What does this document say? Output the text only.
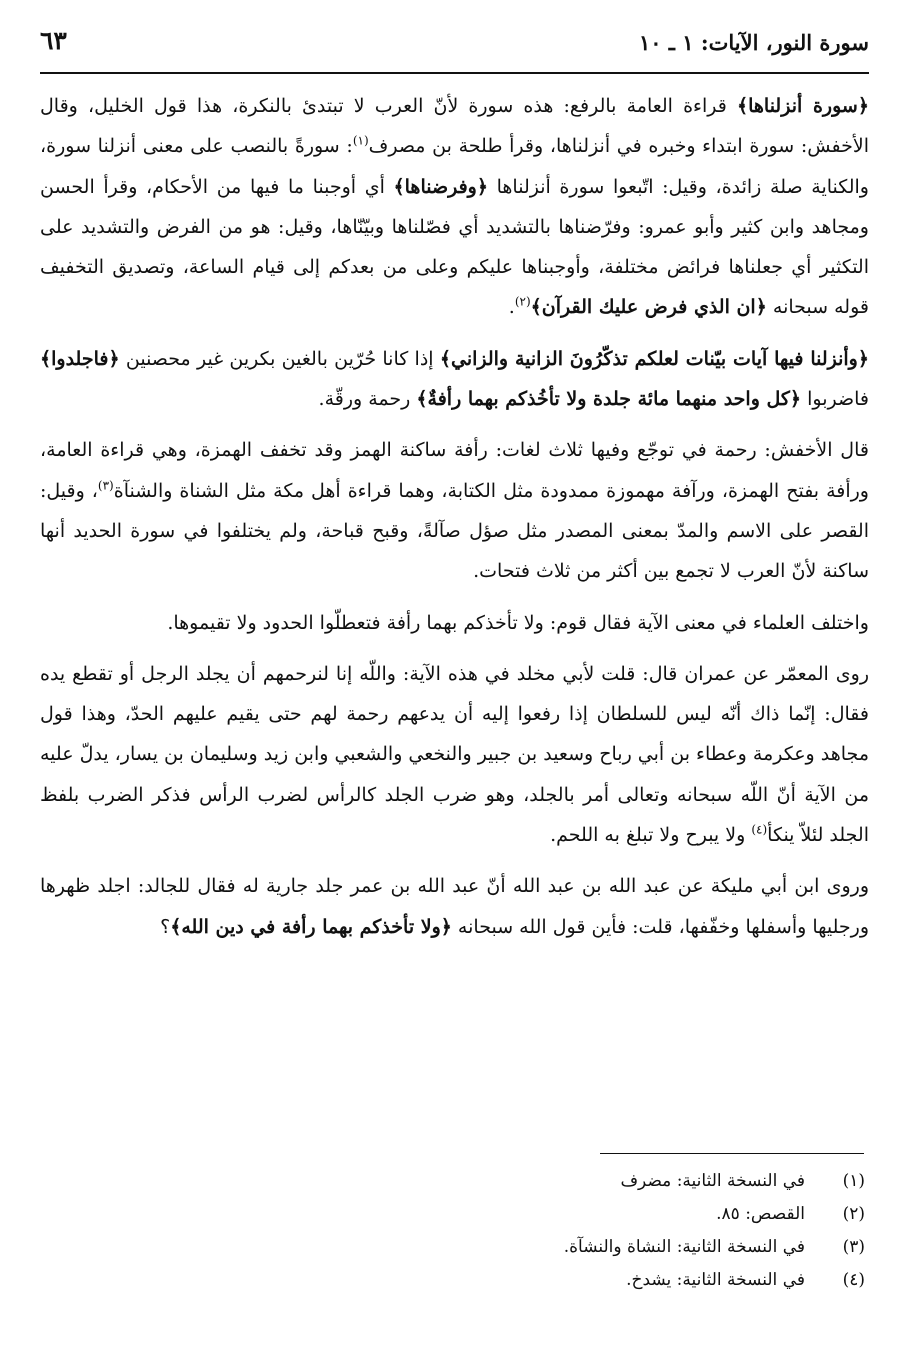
سورة النور، الآيات: ١ ـ ١٠
٦٣

﴿سورة أنزلناها﴾ قراءة العامة بالرفع: هذه سورة لأنّ العرب لا تبتدئ بالنكرة، هذا قول الخليل، وقال الأخفش: سورة ابتداء وخبره في أنزلناها، وقرأ طلحة بن مصرف$^{(١)}$: سورةً بالنصب على معنى أنزلنا سورة، والكناية صلة زائدة، وقيل: اتّبعوا سورة أنزلناها ﴿وفرضناها﴾ أي أوجبنا ما فيها من الأحكام، وقرأ الحسن ومجاهد وابن كثير وأبو عمرو: وفرّضناها بالتشديد أي فصّلناها وبيّنّاها، وقيل: هو من الفرض والتشديد على التكثير أي جعلناها فرائض مختلفة، وأوجبناها عليكم وعلى من بعدكم إلى قيام الساعة، وتصديق التخفيف قوله سبحانه ﴿ان الذي فرض عليك القرآن﴾$^{(٢)}$.

﴿وأنزلنا فيها آيات بيّنات لعلكم تذكّرُونَ الزانية والزاني﴾ إذا كانا حُرّين بالغين بكرين غير محصنين ﴿فاجلدوا﴾ فاضربوا ﴿كل واحد منهما مائة جلدة ولا تأخُذكم بهما رأفةٌ﴾ رحمة ورقّة.

قال الأخفش: رحمة في توجّع وفيها ثلاث لغات: رأفة ساكنة الهمز وقد تخفف الهمزة، وهي قراءة العامة، ورأفة بفتح الهمزة، ورآفة مهموزة ممدودة مثل الكتابة، وهما قراءة أهل مكة مثل الشناة والشنآة$^{(٣)}$، وقيل: القصر على الاسم والمدّ بمعنى المصدر مثل صؤل صآلةً، وقبح قباحة، ولم يختلفوا في سورة الحديد أنها ساكنة لأنّ العرب لا تجمع بين أكثر من ثلاث فتحات.

واختلف العلماء في معنى الآية فقال قوم: ولا تأخذكم بهما رأفة فتعطلّوا الحدود ولا تقيموها.

روى المعمّر عن عمران قال: قلت لأبي مخلد في هذه الآية: واللّه إنا لنرحمهم أن يجلد الرجل أو تقطع يده فقال: إنّما ذاك أنّه ليس للسلطان إذا رفعوا إليه أن يدعهم رحمة لهم حتى يقيم عليهم الحدّ، وهذا قول مجاهد وعكرمة وعطاء بن أبي رباح وسعيد بن جبير والنخعي والشعبي وابن زيد وسليمان بن يسار، يدلّ عليه من الآية أنّ اللّه سبحانه وتعالى أمر بالجلد، وهو ضرب الجلد كالرأس لضرب الرأس فذكر الضرب بلفظ الجلد لئلاّ ينكأ$^{(٤)}$ ولا يبرح ولا تبلغ به اللحم.

وروى ابن أبي مليكة عن عبد الله بن عبد الله أنّ عبد الله بن عمر جلد جارية له فقال للجالد: اجلد ظهرها ورجليها وأسفلها وخفّفها، قلت: فأين قول الله سبحانه ﴿ولا تأخذكم بهما رأفة في دين الله﴾؟

(١)
في النسخة الثانية: مضرف
(٢)
القصص: ٨٥.
(٣)
في النسخة الثانية: النشاة والنشآة.
(٤)
في النسخة الثانية: يشدخ.
